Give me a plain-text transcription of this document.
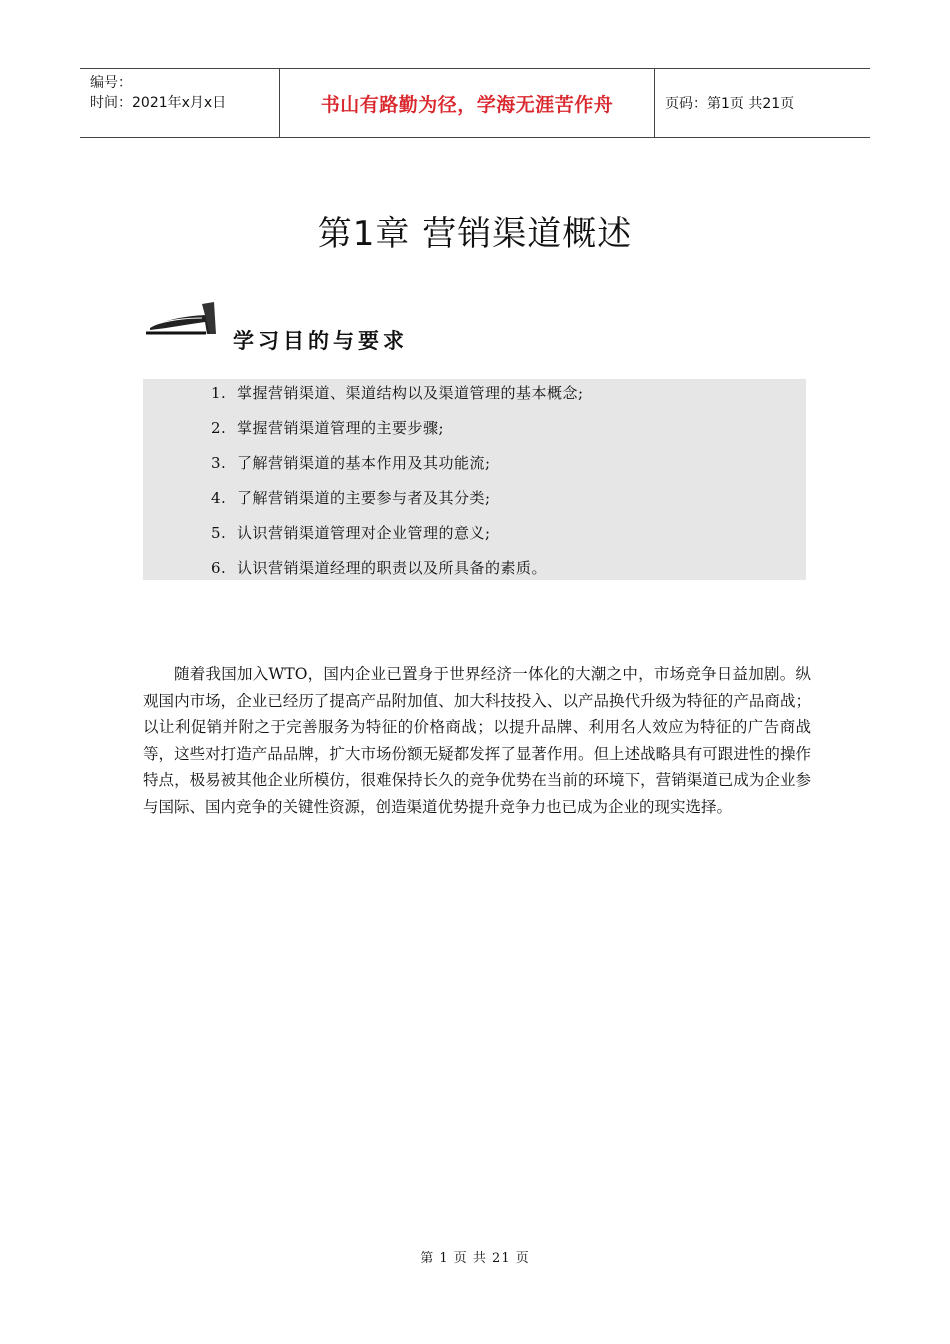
编号：
时间：2021年x月x日	书山有路勤为径，学海无涯苦作舟	页码：第1页 共21页
第1章 营销渠道概述
学习目的与要求
1. 掌握营销渠道、渠道结构以及渠道管理的基本概念;
2. 掌握营销渠道管理的主要步骤;
3. 了解营销渠道的基本作用及其功能流;
4. 了解营销渠道的主要参与者及其分类;
5. 认识营销渠道管理对企业管理的意义;
6. 认识营销渠道经理的职责以及所具备的素质。

随着我国加入WTO，国内企业已置身于世界经济一体化的大潮之中，市场竞争日益加剧。纵观国内市场，企业已经历了提高产品附加值、加大科技投入、以产品换代升级为特征的产品商战；以让利促销并附之于完善服务为特征的价格商战；以提升品牌、利用名人效应为特征的广告商战等，这些对打造产品品牌，扩大市场份额无疑都发挥了显著作用。但上述战略具有可跟进性的操作特点，极易被其他企业所模仿，很难保持长久的竞争优势在当前的环境下，营销渠道已成为企业参与国际、国内竞争的关键性资源，创造渠道优势提升竞争力也已成为企业的现实选择。

第 1 页 共 21 页
